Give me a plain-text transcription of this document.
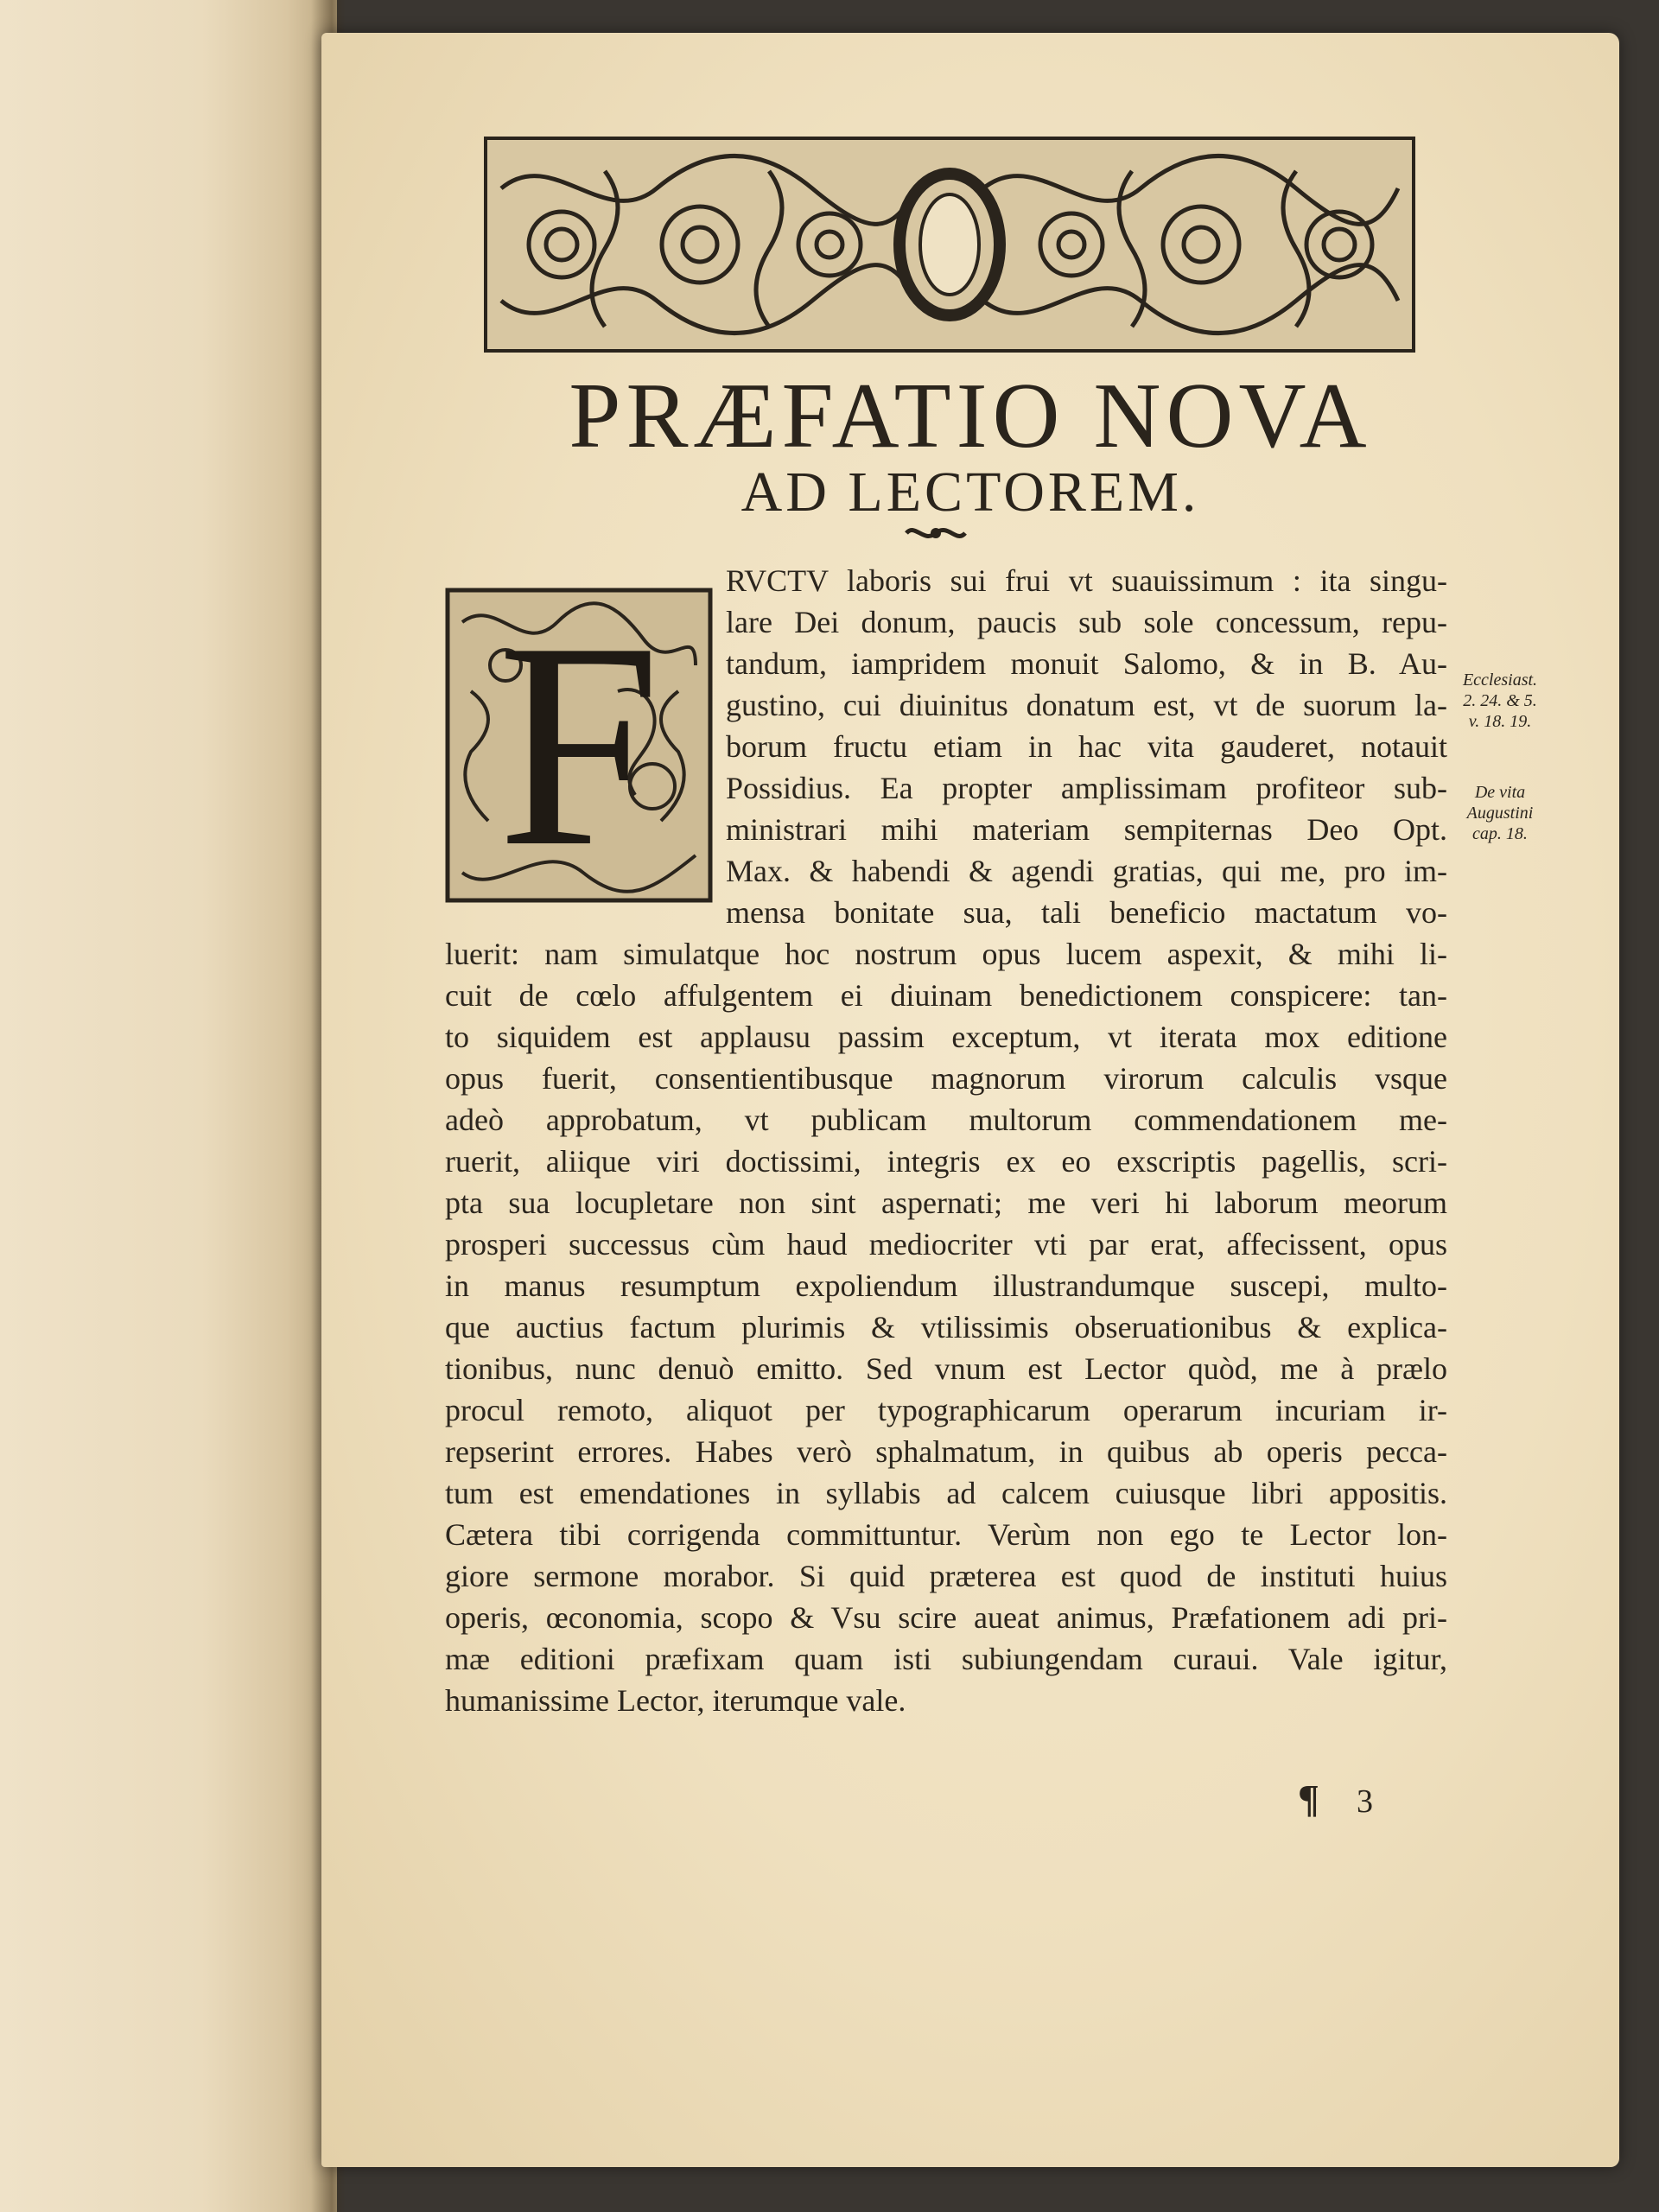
PRÆFATIO NOVA
AD LECTOREM.
F
RVCTV laboris sui frui vt suauissimum : ita singu-
lare Dei donum, paucis sub sole concessum, repu-
tandum, iampridem monuit Salomo, & in B. Au-
gustino, cui diuinitus donatum est, vt de suorum la-
borum fructu etiam in hac vita gauderet, notauit
Possidius. Ea propter amplissimam profiteor sub-
ministrari mihi materiam sempiternas Deo Opt.
Max. & habendi & agendi gratias, qui me, pro im-
mensa bonitate sua, tali beneficio mactatum vo-
luerit: nam simulatque hoc nostrum opus lucem aspexit, & mihi li-
cuit de cœlo affulgentem ei diuinam benedictionem conspicere: tan-
to siquidem est applausu passim exceptum, vt iterata mox editione
opus fuerit, consentientibusque magnorum virorum calculis vsque
adeò approbatum, vt publicam multorum commendationem me-
ruerit, aliique viri doctissimi, integris ex eo exscriptis pagellis, scri-
pta sua locupletare non sint aspernati; me veri hi laborum meorum
prosperi successus cùm haud mediocriter vti par erat, affecissent, opus
in manus resumptum expoliendum illustrandumque suscepi, multo-
que auctius factum plurimis & vtilissimis obseruationibus & explica-
tionibus, nunc denuò emitto. Sed vnum est Lector quòd, me à prælo
procul remoto, aliquot per typographicarum operarum incuriam ir-
repserint errores. Habes verò sphalmatum, in quibus ab operis pecca-
tum est emendationes in syllabis ad calcem cuiusque libri appositis.
Cætera tibi corrigenda committuntur. Verùm non ego te Lector lon-
giore sermone morabor. Si quid præterea est quod de instituti huius
operis, œconomia, scopo & Vsu scire aueat animus, Præfationem adi pri-
mæ editioni præfixam quam isti subiungendam curaui. Vale igitur,
humanissime Lector, iterumque vale.
Ecclesiast. 2. 24. & 5. v. 18. 19.
De vita Augustini cap. 18.
¶ 3
